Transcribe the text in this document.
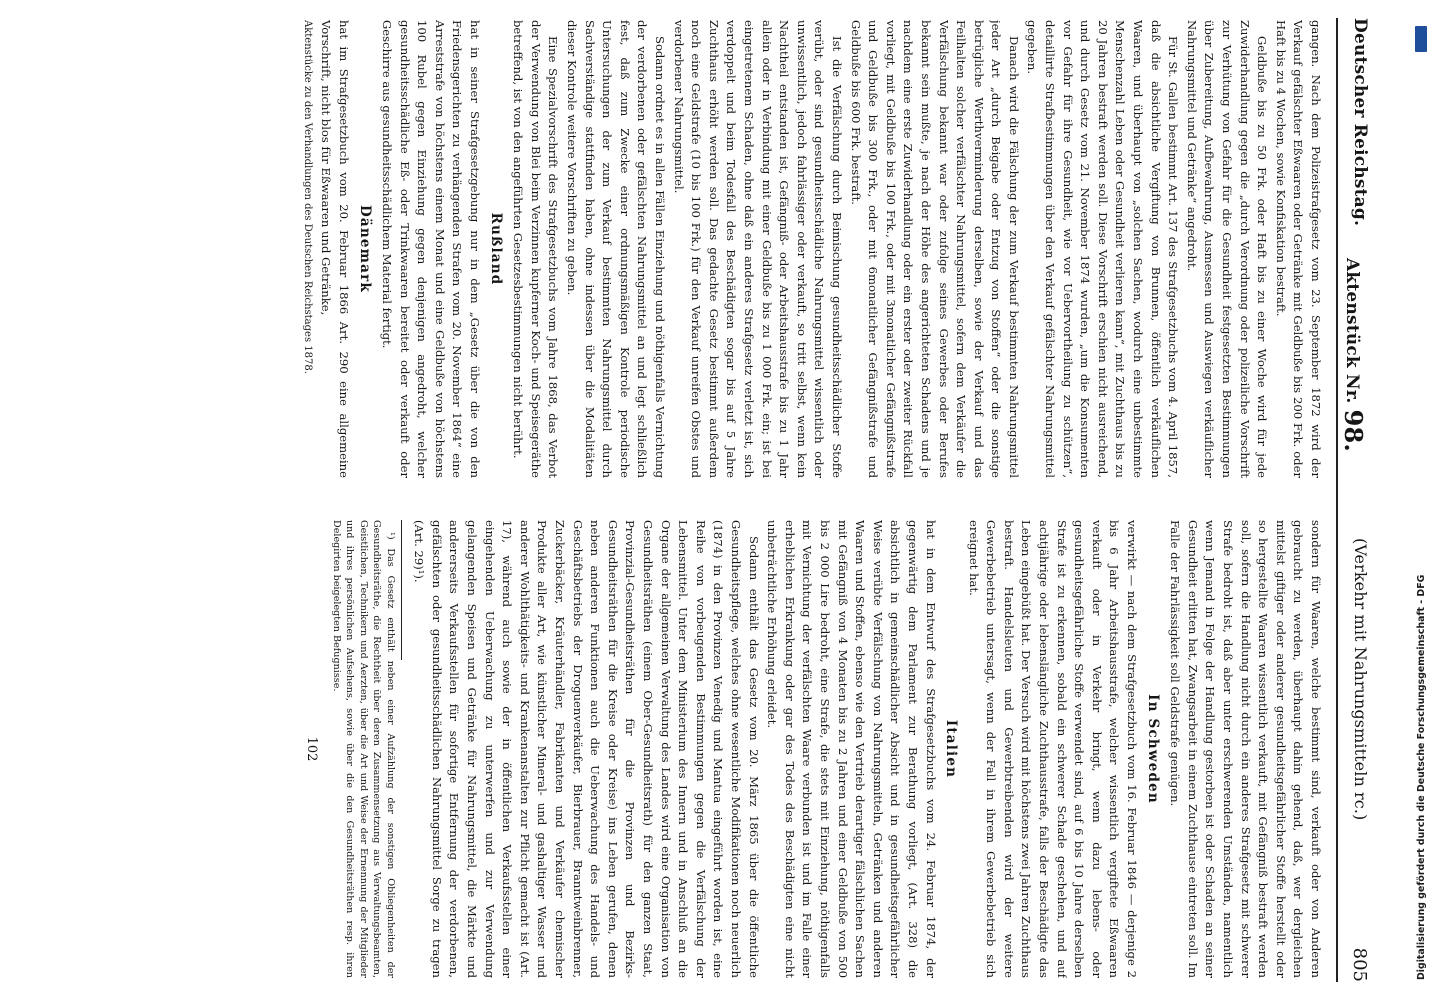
Deutscher Reichstag.
Aktenstück Nr. 98.
(Verkehr mit Nahrungsmitteln rc.)
805

gangen. Nach dem Polizeistrafgesetz vom 23. September 1872 wird der Verkauf gefälschter Eßwaaren oder Getränke mit Geldbuße bis 200 Frk. oder Haft bis zu 4 Wochen, sowie Konfiskation bestraft.

Geldbuße bis zu 50 Frk. oder Haft bis zu einer Woche wird für jede Zuwiderhandlung gegen die „durch Verordnung oder polizeiliche Vorschrift zur Verhütung von Gefahr für die Gesundheit festgesetzten Bestimmungen über Zubereitung, Aufbewahrung, Ausmessen und Auswiegen verkäuflicher Nahrungsmittel und Getränke“ angedroht.

Für St. Gallen bestimmt Art. 137 des Strafgesetzbuchs vom 4. April 1857, daß die absichtliche Vergiftung von Brunnen, öffentlich verkäuflichen Waaren, und überhaupt von „solchen Sachen, wodurch eine unbestimmte Menschenzahl Leben oder Gesundheit verlieren kann“, mit Zuchthaus bis zu 20 Jahren bestraft werden soll. Diese Vorschrift erschien nicht ausreichend, und durch Gesetz vom 21. November 1874 wurden, „um die Konsumenten vor Gefahr für ihre Gesundheit, wie vor Uebervortheilung zu schützen“, detaillirte Strafbestimmungen über den Verkauf gefälschter Nahrungsmittel gegeben.

Danach wird die Fälschung der zum Verkauf bestimmten Nahrungsmittel jeder Art „durch Beigabe oder Entzug von Stoffen“ oder die sonstige betrügliche Werthverminderung derselben, sowie der Verkauf und das Feilhalten solcher verfälschter Nahrungsmittel, sofern dem Verkäufer die Verfälschung bekannt war oder zufolge seines Gewerbes oder Berufes bekannt sein mußte, je nach der Höhe des angerichteten Schadens und je nachdem eine erste Zuwiderhandlung oder ein erster oder zweiter Rückfall vorliegt, mit Geldbuße bis 100 Frk., oder mit 3monatlicher Gefängnißstrafe und Geldbuße bis 300 Frk., oder mit 6monatlicher Gefängnißstrafe und Geldbuße bis 600 Frk. bestraft.

Ist die Verfälschung durch Beimischung gesundheitsschädlicher Stoffe verübt, oder sind gesundheitsschädliche Nahrungsmittel wissentlich oder unwissentlich, jedoch fahrlässiger oder verkauft, so tritt selbst, wenn kein Nachtheil entstanden ist, Gefängniß- oder Arbeitshausstrafe bis zu 1 Jahr allein oder in Verbindung mit einer Geldbuße bis zu 1 000 Frk. ein; ist bei eingetretenem Schaden, ohne daß ein anderes Strafgesetz verletzt ist, sich verdoppelt und beim Todesfall des Beschädigten sogar bis auf 5 Jahre Zuchthaus erhöht werden soll. Das gedachte Gesetz bestimmt außerdem noch eine Geldstrafe (10 bis 100 Frk.) für den Verkauf unreifen Obstes und verdorbener Nahrungsmittel.

Sodann ordnet es in allen Fällen Einziehung und nöthigenfalls Vernichtung der verdorbenen oder gefälschten Nahrungsmittel an und legt schließlich fest, daß zum Zwecke einer ordnungsmäßigen Kontrole periodische Untersuchungen der zum Verkauf bestimmten Nahrungsmittel durch Sachverständige stattfinden haben, ohne indessen über die Modalitäten dieser Kontrole weitere Vorschriften zu geben.

Eine Spezialvorschrift des Strafgesetzbuchs vom Jahre 1868, das Verbot der Verwendung von Blei beim Verzinnen kupferner Koch- und Speisegeräthe betreffend, ist von den angeführten Gesetzesbestimmungen nicht berührt.

Rußland

hat in seiner Strafgesetzgebung nur in dem „Gesetz über die von den Friedensgerichten zu verhängenden Strafen vom 20. November 1864“ eine Arreststrafe von höchstens einem Monat und eine Geldbuße von höchstens 100 Rubel gegen Einziehung gegen denjenigen angedroht, welcher gesundheitsschädliche Eß- oder Trinkwaaren bereitet oder verkauft oder Geschirre aus gesundheitsschädlichem Material fertigt.

Dänemark

hat im Strafgesetzbuch vom 20. Februar 1866 Art. 290 eine allgemeine Vorschrift, nicht blos für Eßwaaren und Getränke,

Aktenstücke zu den Verhandlungen des Deutschen Reichstages 1878.

sondern für Waaren, welche bestimmt sind, verkauft oder von Anderen gebraucht zu werden, überhaupt dahin gehend, daß, wer dergleichen mittelst giftiger oder anderer gesundheitsgefährlicher Stoffe herstellt oder so hergestellte Waaren wissentlich verkauft, mit Gefängniß bestraft werden soll, sofern die Handlung nicht durch ein anderes Strafgesetz mit schwerer Strafe bedroht ist, daß aber unter erschwerenden Umständen, namentlich wenn Jemand in Folge der Handlung gestorben ist oder Schaden an seiner Gesundheit erlitten hat, Zwangsarbeit in einem Zuchthause eintreten soll. Im Falle der Fahrlässigkeit soll Geldstrafe genügen.

In Schweden

verwirkt — nach dem Strafgesetzbuch vom 16. Februar 1846 — derjenige 2 bis 6 Jahr Arbeitshausstrafe, welcher wissentlich vergiftete Eßwaaren verkauft oder in Verkehr bringt, wenn dazu lebens- oder gesundheitsgefährliche Stoffe verwendet sind, auf 6 bis 10 Jahre derselben Strafe ist zu erkennen, sobald ein schwerer Schade geschehen, und auf achtjährige oder lebenslängliche Zuchthausstrafe, falls der Beschädigte das Leben eingebüßt hat. Der Versuch wird mit höchstens zwei Jahren Zuchthaus bestraft. Handelsleuten und Gewerbtreibenden wird der weitere Gewerbebetrieb untersagt, wenn der Fall in ihrem Gewerbebetrieb sich ereignet hat.

Italien

hat in dem Entwurf des Strafgesetzbuchs vom 24. Februar 1874, der gegenwärtig dem Parlament zur Berathung vorliegt, (Art. 328) die absichtlich in gemeinschädlicher Absicht und in gesundheitsgefährlicher Weise verübte Verfälschung von Nahrungsmitteln, Getränken und anderen Waaren und Stoffen, ebenso wie den Vertrieb derartiger fälschlichen Sachen mit Gefängniß von 4 Monaten bis zu 2 Jahren und einer Geldbuße von 500 bis 2 000 Lire bedroht, eine Strafe, die stets mit Einziehung, nöthigenfalls mit Vernichtung der verfälschten Waare verbunden ist und im Falle einer erheblichen Erkrankung oder gar des Todes des Beschädigten eine nicht unbeträchtliche Erhöhung erleidet.

Sodann enthält das Gesetz vom 20. März 1865 über die öffentliche Gesundheitspflege, welches ohne wesentliche Modifikationen noch neuerlich (1874) in den Provinzen Venedig und Mantua eingeführt worden ist, eine Reihe von vorbeugenden Bestimmungen gegen die Verfälschung der Lebensmittel. Unter dem Ministerium des Innern und in Anschluß an die Organe der allgemeinen Verwaltung des Landes wird eine Organisation von Gesundheitsräthen (einem Ober-Gesundheitsrath) für den ganzen Staat, Provinzial-Gesundheitsräthen für die Provinzen und Bezirks-Gesundheitsräthen für die Kreise oder Kreise) ins Leben gerufen, denen neben anderen Funktionen auch die Ueberwachung des Handels- und Geschäftsbetriebs der Droguenverkäufer, Bierbrauer, Branntweinbrenner, Zuckerbäcker, Kräuterhändler, Fabrikanten und Verkäufer chemischer Produkte aller Art, wie künstlicher Mineral- und gashaltiger Wasser und anderer Wohlthätigkeits- und Krankenanstalten zur Pflicht gemacht ist (Art. 17), während auch sowie der in öffentlichen Verkaufsstellen einer eingehenden Ueberwachung zu unterwerfen und zur Verwendung gelangenden Speisen und Getränke für Nahrungsmittel, die Märkte und andererseits Verkaufsstellen für sofortige Entfernung der verdorbenen, gefälschten oder gesundheitsschädlichen Nahrungsmittel Sorge zu tragen (Art. 29)¹).

¹) Das Gesetz enthält neben einer Aufzählung der sonstigen Obliegenheiten der Gesundheitsräthe, die Rechtheit über deren Zusammensetzung aus Verwaltungsbeamten, Geistlichen, Technikern und Aerzten, über die Art und Weise der Ernennung der Mitglieder und ihres persönlichen Aufsehens, sowie über die den Gesundheitsräthen resp. ihren Delegirten beigelegten Befugnisse.

102	Digitalisierung gefördert durch die Deutsche Forschungsgemeinschaft - DFG
